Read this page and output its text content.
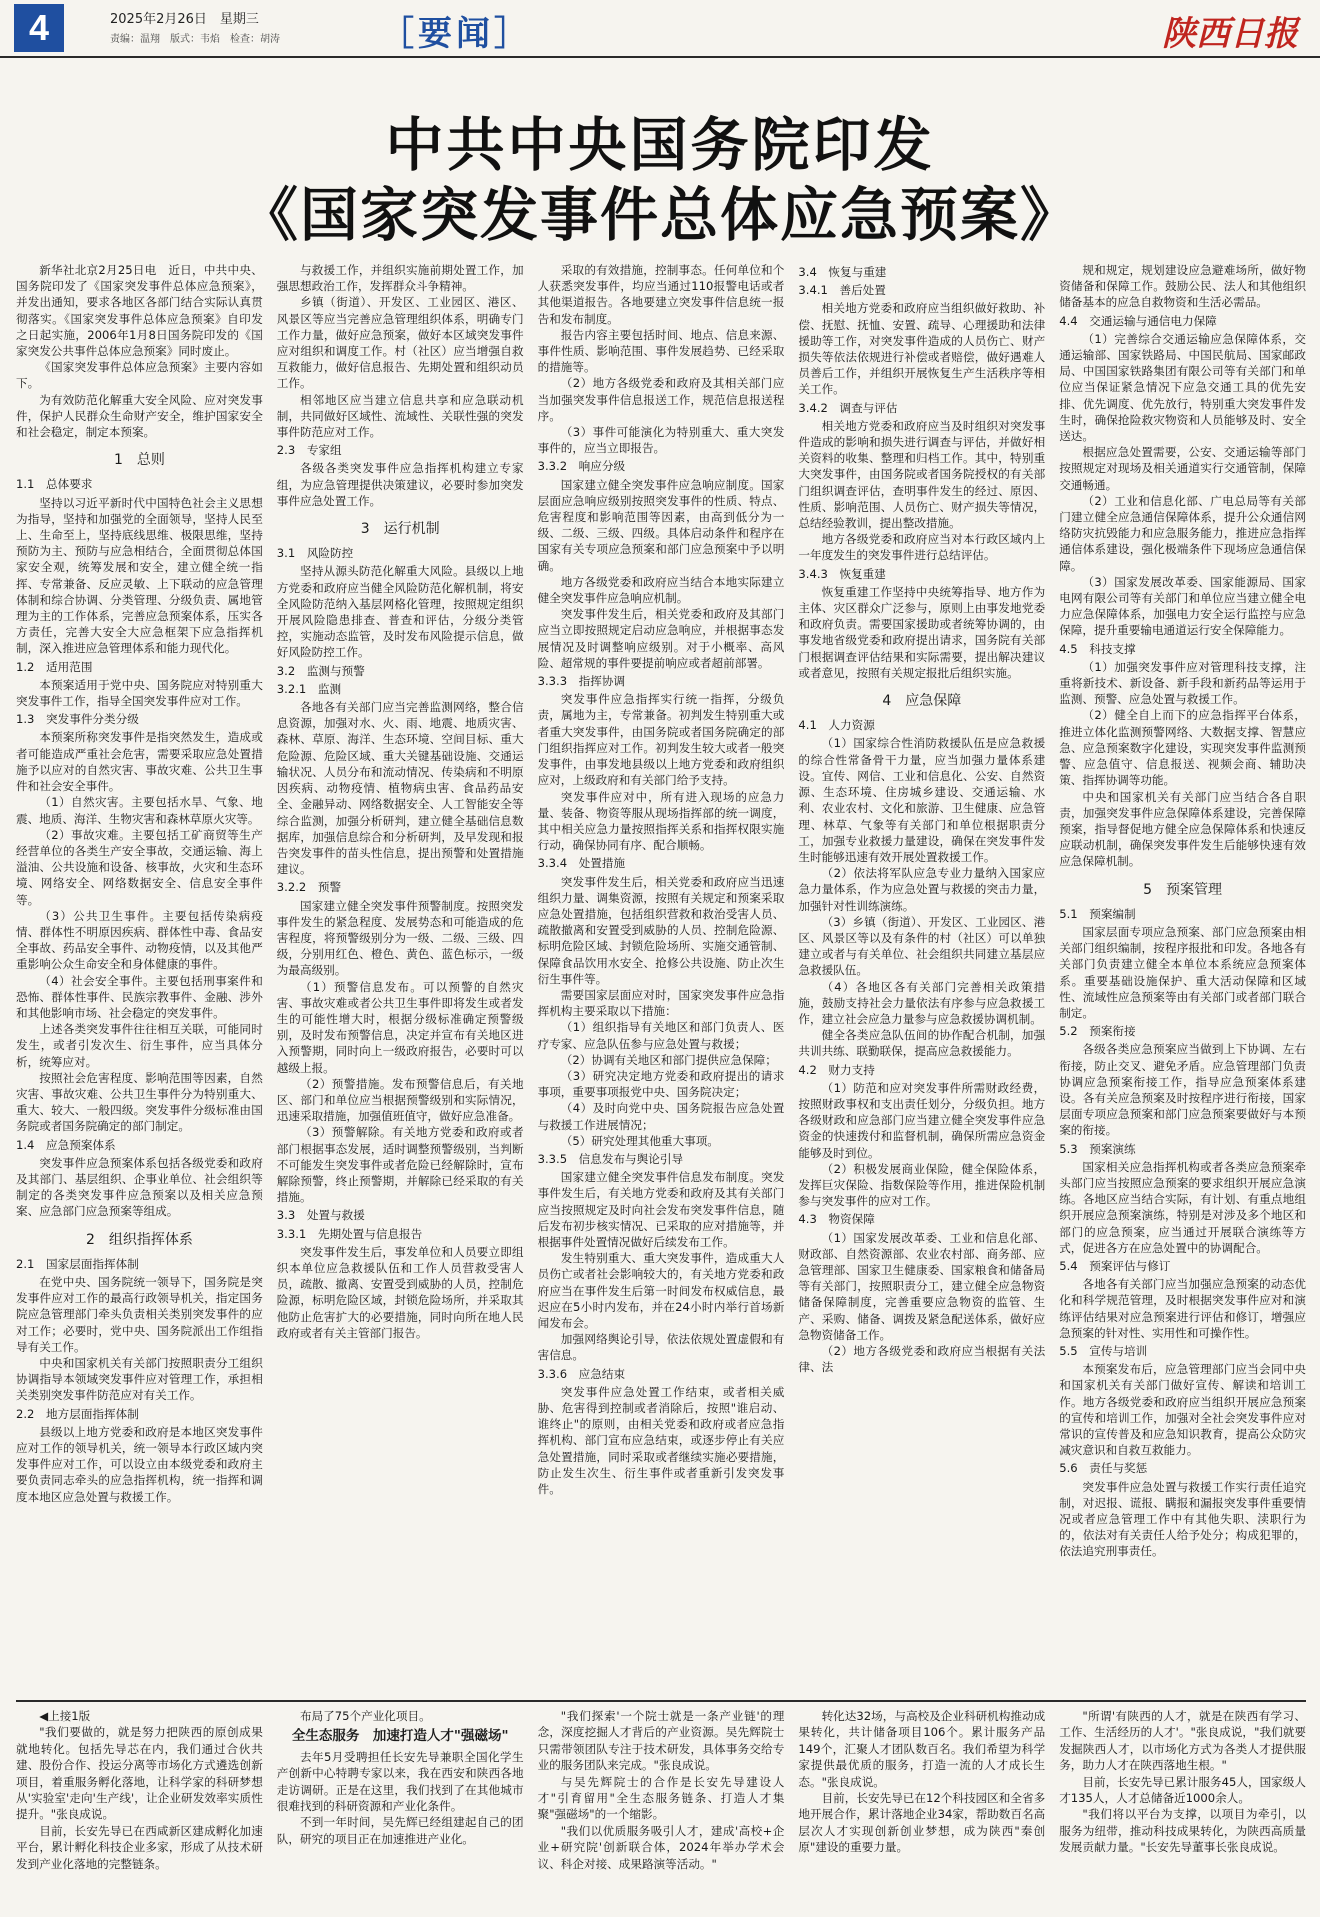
4	2025年2月26日　星期三
责编：温翔　版式：韦焰　检查：胡涛	［要闻］	陕西日报
中共中央国务院印发
《国家突发事件总体应急预案》

新华社北京2月25日电　近日，中共中央、国务院印发了《国家突发事件总体应急预案》，并发出通知，要求各地区各部门结合实际认真贯彻落实。《国家突发事件总体应急预案》自印发之日起实施，2006年1月8日国务院印发的《国家突发公共事件总体应急预案》同时废止。

《国家突发事件总体应急预案》主要内容如下。

为有效防范化解重大安全风险、应对突发事件，保护人民群众生命财产安全，维护国家安全和社会稳定，制定本预案。

1　总则
1.1　总体要求

坚持以习近平新时代中国特色社会主义思想为指导，坚持和加强党的全面领导，坚持人民至上、生命至上，坚持底线思维、极限思维，坚持预防为主、预防与应急相结合，全面贯彻总体国家安全观，统筹发展和安全，建立健全统一指挥、专常兼备、反应灵敏、上下联动的应急管理体制和综合协调、分类管理、分级负责、属地管理为主的工作体系，完善应急预案体系，压实各方责任，完善大安全大应急框架下应急指挥机制，深入推进应急管理体系和能力现代化。

1.2　适用范围

本预案适用于党中央、国务院应对特别重大突发事件工作，指导全国突发事件应对工作。

1.3　突发事件分类分级

本预案所称突发事件是指突然发生，造成或者可能造成严重社会危害，需要采取应急处置措施予以应对的自然灾害、事故灾难、公共卫生事件和社会安全事件。

（1）自然灾害。主要包括水旱、气象、地震、地质、海洋、生物灾害和森林草原火灾等。

（2）事故灾难。主要包括工矿商贸等生产经营单位的各类生产安全事故，交通运输、海上溢油、公共设施和设备、核事故，火灾和生态环境、网络安全、网络数据安全、信息安全事件等。

（3）公共卫生事件。主要包括传染病疫情、群体性不明原因疾病、群体性中毒、食品安全事故、药品安全事件、动物疫情，以及其他严重影响公众生命安全和身体健康的事件。

（4）社会安全事件。主要包括刑事案件和恐怖、群体性事件、民族宗教事件、金融、涉外和其他影响市场、社会稳定的突发事件。

上述各类突发事件往往相互关联，可能同时发生，或者引发次生、衍生事件，应当具体分析，统筹应对。

按照社会危害程度、影响范围等因素，自然灾害、事故灾难、公共卫生事件分为特别重大、重大、较大、一般四级。突发事件分级标准由国务院或者国务院确定的部门制定。

1.4　应急预案体系

突发事件应急预案体系包括各级党委和政府及其部门、基层组织、企事业单位、社会组织等制定的各类突发事件应急预案以及相关应急预案、应急部门应急预案等组成。

2　组织指挥体系
2.1　国家层面指挥体制

在党中央、国务院统一领导下，国务院是突发事件应对工作的最高行政领导机关，指定国务院应急管理部门牵头负责相关类别突发事件的应对工作；必要时，党中央、国务院派出工作组指导有关工作。

中央和国家机关有关部门按照职责分工组织协调指导本领域突发事件应对管理工作，承担相关类别突发事件防范应对有关工作。

2.2　地方层面指挥体制

县级以上地方党委和政府是本地区突发事件应对工作的领导机关，统一领导本行政区域内突发事件应对工作，可以设立由本级党委和政府主要负责同志牵头的应急指挥机构，统一指挥和调度本地区应急处置与救援工作。

与救援工作，并组织实施前期处置工作，加强思想政治工作，发挥群众斗争精神。

乡镇（街道）、开发区、工业园区、港区、风景区等应当完善应急管理组织体系，明确专门工作力量，做好应急预案，做好本区域突发事件应对组织和调度工作。村（社区）应当增强自救互救能力，做好信息报告、先期处置和组织动员工作。

相邻地区应当建立信息共享和应急联动机制，共同做好区域性、流域性、关联性强的突发事件防范应对工作。

2.3　专家组

各级各类突发事件应急指挥机构建立专家组，为应急管理提供决策建议，必要时参加突发事件应急处置工作。

3　运行机制
3.1　风险防控

坚持从源头防范化解重大风险。县级以上地方党委和政府应当健全风险防范化解机制，将安全风险防范纳入基层网格化管理，按照规定组织开展风险隐患排查、普查和评估，分级分类管控，实施动态监管，及时发布风险提示信息，做好风险防控工作。

3.2　监测与预警
3.2.1　监测

各地各有关部门应当完善监测网络，整合信息资源，加强对水、火、雨、地震、地质灾害、森林、草原、海洋、生态环境、空间目标、重大危险源、危险区域、重大关键基础设施、交通运输状况、人员分布和流动情况、传染病和不明原因疾病、动物疫情、植物病虫害、食品药品安全、金融异动、网络数据安全、人工智能安全等综合监测，加强分析研判，建立健全基础信息数据库，加强信息综合和分析研判，及早发现和报告突发事件的苗头性信息，提出预警和处置措施建议。

3.2.2　预警

国家建立健全突发事件预警制度。按照突发事件发生的紧急程度、发展势态和可能造成的危害程度，将预警级别分为一级、二级、三级、四级，分别用红色、橙色、黄色、蓝色标示，一级为最高级别。

（1）预警信息发布。可以预警的自然灾害、事故灾难或者公共卫生事件即将发生或者发生的可能性增大时，根据分级标准确定预警级别，及时发布预警信息，决定并宣布有关地区进入预警期，同时向上一级政府报告，必要时可以越级上报。

（2）预警措施。发布预警信息后，有关地区、部门和单位应当根据预警级别和实际情况，迅速采取措施，加强值班值守，做好应急准备。

（3）预警解除。有关地方党委和政府或者部门根据事态发展，适时调整预警级别，当判断不可能发生突发事件或者危险已经解除时，宣布解除预警，终止预警期，并解除已经采取的有关措施。

3.3　处置与救援
3.3.1　先期处置与信息报告

突发事件发生后，事发单位和人员要立即组织本单位应急救援队伍和工作人员营救受害人员，疏散、撤离、安置受到威胁的人员，控制危险源，标明危险区域，封锁危险场所，并采取其他防止危害扩大的必要措施，同时向所在地人民政府或者有关主管部门报告。

采取的有效措施，控制事态。任何单位和个人获悉突发事件，均应当通过110报警电话或者其他渠道报告。各地要建立突发事件信息统一报告和发布制度。

报告内容主要包括时间、地点、信息来源、事件性质、影响范围、事件发展趋势、已经采取的措施等。

（2）地方各级党委和政府及其相关部门应当加强突发事件信息报送工作，规范信息报送程序。

（3）事件可能演化为特别重大、重大突发事件的，应当立即报告。

3.3.2　响应分级

国家建立健全突发事件应急响应制度。国家层面应急响应级别按照突发事件的性质、特点、危害程度和影响范围等因素，由高到低分为一级、二级、三级、四级。具体启动条件和程序在国家有关专项应急预案和部门应急预案中予以明确。

地方各级党委和政府应当结合本地实际建立健全突发事件应急响应机制。

突发事件发生后，相关党委和政府及其部门应当立即按照规定启动应急响应，并根据事态发展情况及时调整响应级别。对于小概率、高风险、超常规的事件要提前响应或者超前部署。

3.3.3　指挥协调

突发事件应急指挥实行统一指挥，分级负责，属地为主，专常兼备。初判发生特别重大或者重大突发事件，由国务院或者国务院确定的部门组织指挥应对工作。初判发生较大或者一般突发事件，由事发地县级以上地方党委和政府组织应对，上级政府和有关部门给予支持。

突发事件应对中，所有进入现场的应急力量、装备、物资等服从现场指挥部的统一调度，其中相关应急力量按照指挥关系和指挥权限实施行动，确保协同有序、配合顺畅。

3.3.4　处置措施

突发事件发生后，相关党委和政府应当迅速组织力量、调集资源，按照有关规定和预案采取应急处置措施，包括组织营救和救治受害人员、疏散撤离和安置受到威胁的人员、控制危险源、标明危险区域、封锁危险场所、实施交通管制、保障食品饮用水安全、抢修公共设施、防止次生衍生事件等。

需要国家层面应对时，国家突发事件应急指挥机构主要采取以下措施：

（1）组织指导有关地区和部门负责人、医疗专家、应急队伍参与应急处置与救援；

（2）协调有关地区和部门提供应急保障；

（3）研究决定地方党委和政府提出的请求事项，重要事项报党中央、国务院决定；

（4）及时向党中央、国务院报告应急处置与救援工作进展情况；

（5）研究处理其他重大事项。

3.3.5　信息发布与舆论引导

国家建立健全突发事件信息发布制度。突发事件发生后，有关地方党委和政府及其有关部门应当按照规定及时向社会发布突发事件信息，随后发布初步核实情况、已采取的应对措施等，并根据事件处置情况做好后续发布工作。

发生特别重大、重大突发事件，造成重大人员伤亡或者社会影响较大的，有关地方党委和政府应当在事件发生后第一时间发布权威信息，最迟应在5小时内发布，并在24小时内举行首场新闻发布会。

加强网络舆论引导，依法依规处置虚假和有害信息。

3.3.6　应急结束

突发事件应急处置工作结束，或者相关威胁、危害得到控制或者消除后，按照"谁启动、谁终止"的原则，由相关党委和政府或者应急指挥机构、部门宣布应急结束，或逐步停止有关应急处置措施，同时采取或者继续实施必要措施，防止发生次生、衍生事件或者重新引发突发事件。

3.4　恢复与重建
3.4.1　善后处置

相关地方党委和政府应当组织做好救助、补偿、抚慰、抚恤、安置、疏导、心理援助和法律援助等工作，对突发事件造成的人员伤亡、财产损失等依法依规进行补偿或者赔偿，做好遇难人员善后工作，并组织开展恢复生产生活秩序等相关工作。

3.4.2　调查与评估

相关地方党委和政府应当及时组织对突发事件造成的影响和损失进行调查与评估，并做好相关资料的收集、整理和归档工作。其中，特别重大突发事件，由国务院或者国务院授权的有关部门组织调查评估，查明事件发生的经过、原因、性质、影响范围、人员伤亡、财产损失等情况，总结经验教训，提出整改措施。

地方各级党委和政府应当对本行政区域内上一年度发生的突发事件进行总结评估。

3.4.3　恢复重建

恢复重建工作坚持中央统筹指导、地方作为主体、灾区群众广泛参与，原则上由事发地党委和政府负责。需要国家援助或者统筹协调的，由事发地省级党委和政府提出请求，国务院有关部门根据调查评估结果和实际需要，提出解决建议或者意见，按照有关规定报批后组织实施。

4　应急保障
4.1　人力资源

（1）国家综合性消防救援队伍是应急救援的综合性常备骨干力量，应当加强力量体系建设。宜传、网信、工业和信息化、公安、自然资源、生态环境、住房城乡建设、交通运输、水利、农业农村、文化和旅游、卫生健康、应急管理、林草、气象等有关部门和单位根据职责分工，加强专业救援力量建设，确保在突发事件发生时能够迅速有效开展处置救援工作。

（2）依法将军队应急专业力量纳入国家应急力量体系，作为应急处置与救援的突击力量，加强针对性训练演练。

（3）乡镇（街道）、开发区、工业园区、港区、风景区等以及有条件的村（社区）可以单独建立或者与有关单位、社会组织共同建立基层应急救援队伍。

（4）各地区各有关部门完善相关政策措施，鼓励支持社会力量依法有序参与应急救援工作，建立社会应急力量参与应急救援协调机制。

健全各类应急队伍间的协作配合机制，加强共训共练、联勤联保，提高应急救援能力。

4.2　财力支持

（1）防范和应对突发事件所需财政经费，按照财政事权和支出责任划分，分级负担。地方各级财政和应急部门应当建立健全突发事件应急资金的快速拨付和监督机制，确保所需应急资金能够及时到位。

（2）积极发展商业保险，健全保险体系，发挥巨灾保险、指数保险等作用，推进保险机制参与突发事件的应对工作。

4.3　物资保障

（1）国家发展改革委、工业和信息化部、财政部、自然资源部、农业农村部、商务部、应急管理部、国家卫生健康委、国家粮食和储备局等有关部门，按照职责分工，建立健全应急物资储备保障制度，完善重要应急物资的监管、生产、采购、储备、调拨及紧急配送体系，做好应急物资储备工作。

（2）地方各级党委和政府应当根据有关法律、法

规和规定，规划建设应急避难场所，做好物资储备和保障工作。鼓励公民、法人和其他组织储备基本的应急自救物资和生活必需品。

4.4　交通运输与通信电力保障

（1）完善综合交通运输应急保障体系，交通运输部、国家铁路局、中国民航局、国家邮政局、中国国家铁路集团有限公司等有关部门和单位应当保证紧急情况下应急交通工具的优先安排、优先调度、优先放行，特别重大突发事件发生时，确保抢险救灾物资和人员能够及时、安全送达。

根据应急处置需要，公安、交通运输等部门按照规定对现场及相关通道实行交通管制，保障交通畅通。

（2）工业和信息化部、广电总局等有关部门建立健全应急通信保障体系，提升公众通信网络防灾抗毁能力和应急服务能力，推进应急指挥通信体系建设，强化极端条件下现场应急通信保障。

（3）国家发展改革委、国家能源局、国家电网有限公司等有关部门和单位应当建立健全电力应急保障体系，加强电力安全运行监控与应急保障，提升重要输电通道运行安全保障能力。

4.5　科技支撑

（1）加强突发事件应对管理科技支撑，注重将新技术、新设备、新手段和新药品等运用于监测、预警、应急处置与救援工作。

（2）健全自上而下的应急指挥平台体系，推进立体化监测预警网络、大数据支撑、智慧应急、应急预案数字化建设，实现突发事件监测预警、应急值守、信息报送、视频会商、辅助决策、指挥协调等功能。

中央和国家机关有关部门应当结合各自职责，加强突发事件应急保障体系建设，完善保障预案，指导督促地方健全应急保障体系和快速反应联动机制，确保突发事件发生后能够快速有效应急保障机制。

5　预案管理
5.1　预案编制

国家层面专项应急预案、部门应急预案由相关部门组织编制，按程序报批和印发。各地各有关部门负责建立健全本单位本系统应急预案体系。重要基础设施保护、重大活动保障和区域性、流域性应急预案等由有关部门或者部门联合制定。

5.2　预案衔接

各级各类应急预案应当做到上下协调、左右衔接，防止交叉、避免矛盾。应急管理部门负责协调应急预案衔接工作，指导应急预案体系建设。各有关应急预案及时按程序进行衔接，国家层面专项应急预案和部门应急预案要做好与本预案的衔接。

5.3　预案演练

国家相关应急指挥机构或者各类应急预案牵头部门应当按照应急预案的要求组织开展应急演练。各地区应当结合实际，有计划、有重点地组织开展应急预案演练，特别是对涉及多个地区和部门的应急预案，应当通过开展联合演练等方式，促进各方在应急处置中的协调配合。

5.4　预案评估与修订

各地各有关部门应当加强应急预案的动态优化和科学规范管理，及时根据突发事件应对和演练评估结果对应急预案进行评估和修订，增强应急预案的针对性、实用性和可操作性。

5.5　宣传与培训

本预案发布后，应急管理部门应当会同中央和国家机关有关部门做好宣传、解读和培训工作。地方各级党委和政府应当组织开展应急预案的宣传和培训工作，加强对全社会突发事件应对常识的宣传普及和应急知识教育，提高公众防灾减灾意识和自救互救能力。

5.6　责任与奖惩

突发事件应急处置与救援工作实行责任追究制，对迟报、谎报、瞒报和漏报突发事件重要情况或者应急管理工作中有其他失职、渎职行为的，依法对有关责任人给予处分；构成犯罪的，依法追究刑事责任。

◀上接1版

"我们要做的，就是努力把陕西的原创成果就地转化。包括先导芯在内，我们通过合伙共建、股份合作、投运分离等市场化方式遴选创新项目，着重服务孵化落地，让科学家的科研梦想从'实验室'走向'生产线'，让企业研发效率实质性提升。"张良成说。

目前，长安先导已在西咸新区建成孵化加速平台，累计孵化科技企业多家，形成了从技术研发到产业化落地的完整链条。

布局了75个产业化项目。

全生态服务　加速打造人才"强磁场"

去年5月受聘担任长安先导兼职全国化学生产创新中心特聘专家以来，我在西安和陕西各地走访调研。正是在这里，我们找到了在其他城市很难找到的科研资源和产业化条件。

不到一年时间，吴先辉已经组建起自己的团队，研究的项目正在加速推进产业化。

"我们探索'一个院士就是一条产业链'的理念，深度挖掘人才背后的产业资源。吴先辉院士只需带领团队专注于技术研发，具体事务交给专业的服务团队来完成。"张良成说。

与吴先辉院士的合作是长安先导建设人才"引育留用"全生态服务链条、打造人才集聚"强磁场"的一个缩影。

"我们以优质服务吸引人才，建成'高校+企业+研究院'创新联合体，2024年举办学术会议、科企对接、成果路演等活动。"

转化达32场，与高校及企业科研机构推动成果转化，共计储备项目106个。累计服务产品149个，汇聚人才团队数百名。我们希望为科学家提供最优质的服务，打造一流的人才成长生态。"张良成说。

目前，长安先导已在12个科技园区和全省多地开展合作，累计落地企业34家，帮助数百名高层次人才实现创新创业梦想，成为陕西"秦创原"建设的重要力量。

"所谓'有陕西的人才，就是在陕西有学习、工作、生活经历的人才'。"张良成说，"我们就要发掘陕西人才，以市场化方式为各类人才提供服务，助力人才在陕西落地生根。"

目前，长安先导已累计服务45人，国家级人才135人，人才总储备近1000余人。

"我们将以平台为支撑，以项目为牵引，以服务为纽带，推动科技成果转化，为陕西高质量发展贡献力量。"长安先导董事长张良成说。
